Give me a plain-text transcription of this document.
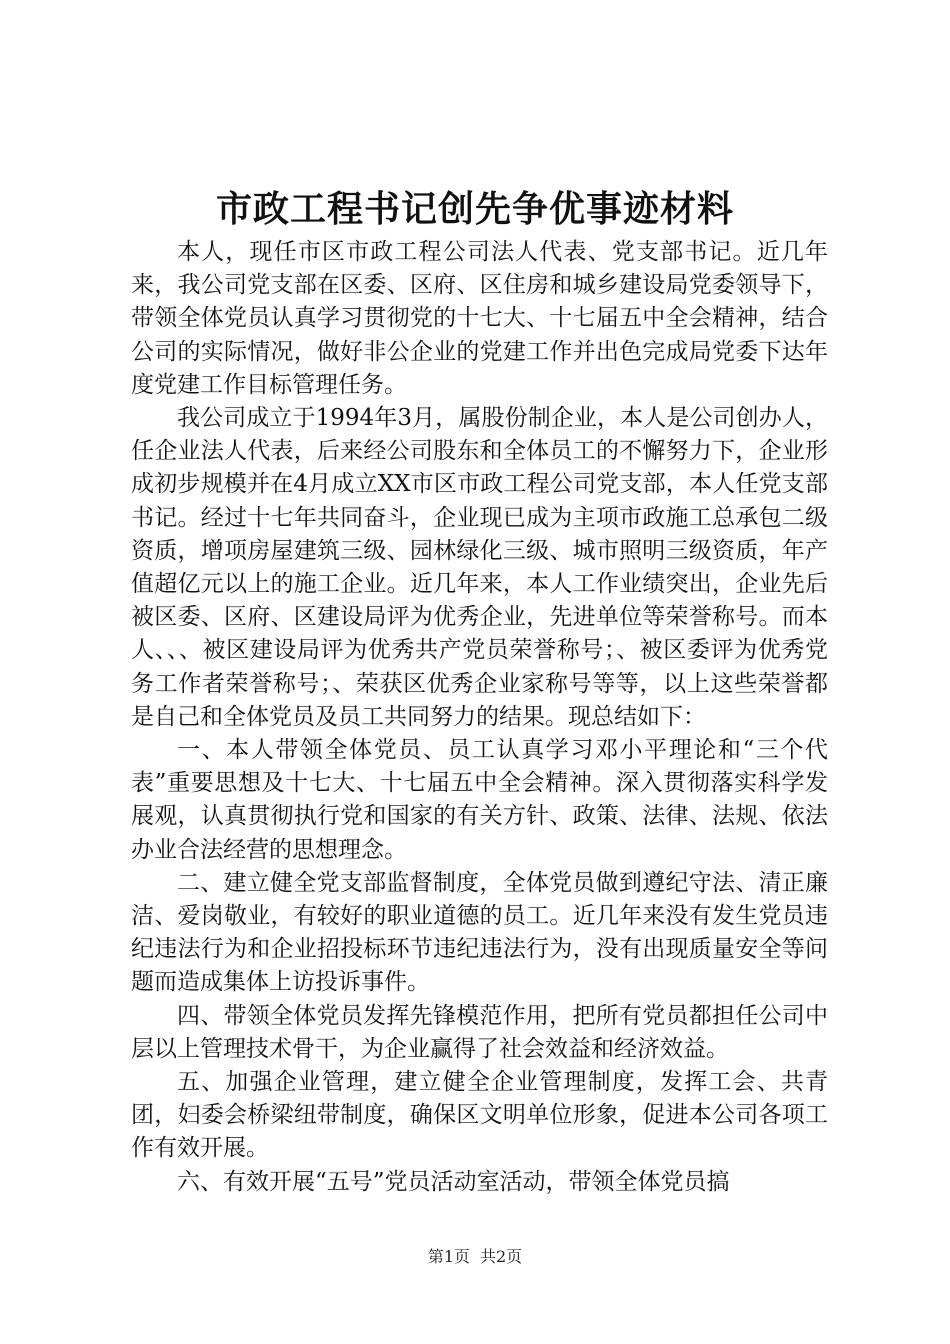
市政工程书记创先争优事迹材料

本人，现任市区市政工程公司法人代表、党支部书记。近几年来，我公司党支部在区委、区府、区住房和城乡建设局党委领导下，带领全体党员认真学习贯彻党的十七大、十七届五中全会精神，结合公司的实际情况，做好非公企业的党建工作并出色完成局党委下达年度党建工作目标管理任务。

我公司成立于1994年3月，属股份制企业，本人是公司创办人，任企业法人代表，后来经公司股东和全体员工的不懈努力下，企业形成初步规模并在4月成立XX市区市政工程公司党支部，本人任党支部书记。经过十七年共同奋斗，企业现已成为主项市政施工总承包二级资质，增项房屋建筑三级、园林绿化三级、城市照明三级资质，年产值超亿元以上的施工企业。近几年来，本人工作业绩突出，企业先后被区委、区府、区建设局评为优秀企业，先进单位等荣誉称号。而本人、、、被区建设局评为优秀共产党员荣誉称号；、被区委评为优秀党务工作者荣誉称号；、荣获区优秀企业家称号等等，以上这些荣誉都是自己和全体党员及员工共同努力的结果。现总结如下：

一、本人带领全体党员、员工认真学习邓小平理论和“三个代表”重要思想及十七大、十七届五中全会精神。深入贯彻落实科学发展观，认真贯彻执行党和国家的有关方针、政策、法律、法规、依法办业合法经营的思想理念。

二、建立健全党支部监督制度，全体党员做到遵纪守法、清正廉洁、爱岗敬业，有较好的职业道德的员工。近几年来没有发生党员违纪违法行为和企业招投标环节违纪违法行为，没有出现质量安全等问题而造成集体上访投诉事件。

四、带领全体党员发挥先锋模范作用，把所有党员都担任公司中层以上管理技术骨干，为企业赢得了社会效益和经济效益。

五、加强企业管理，建立健全企业管理制度，发挥工会、共青团，妇委会桥梁纽带制度，确保区文明单位形象，促进本公司各项工作有效开展。

六、有效开展“五号”党员活动室活动，带领全体党员搞

第1页 共2页
